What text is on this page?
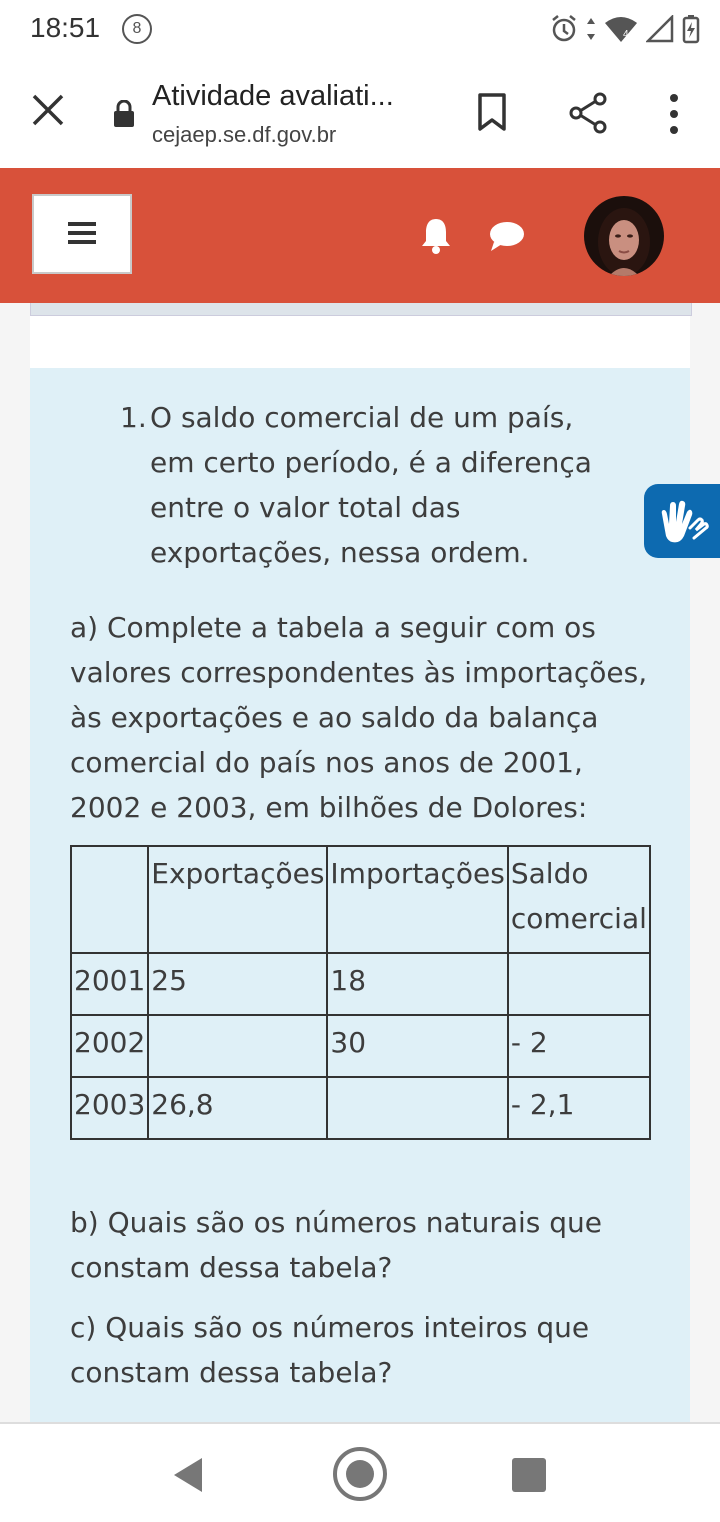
18:51	8	4
Atividade avaliati...
cejaep.se.df.gov.br
1. O saldo comercial de um país, em certo período, é a diferença entre o valor total das exportações, nessa ordem.
a) Complete a tabela a seguir com os valores correspondentes às importações, às exportações e ao saldo da balança comercial do país nos anos de 2001, 2002 e 2003, em bilhões de Dolores:
	Exportações	Importações	Saldo comercial
2001	25	18	
2002		30	- 2
2003	26,8		- 2,1
b) Quais são os números naturais que constam dessa tabela?
c) Quais são os números inteiros que constam dessa tabela?
